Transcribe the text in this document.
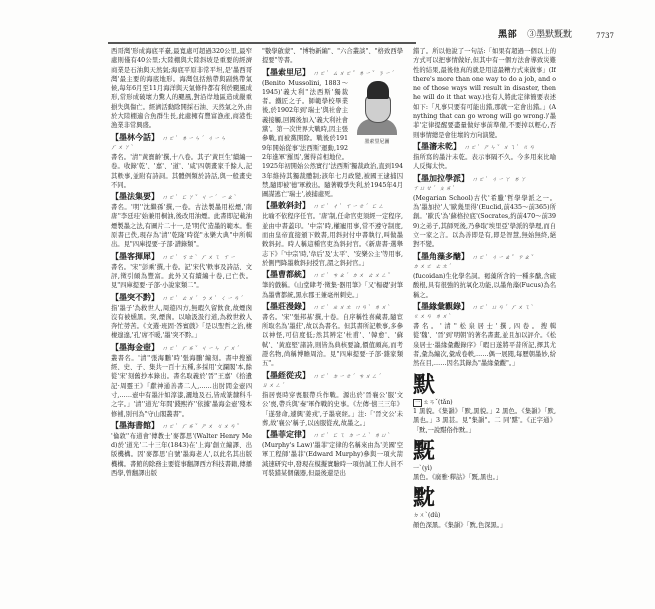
黑部 ③墨默黖黕	7737
西哥灣'形成海底平臺,最寬處可超過320公里,最窄處則僅有40公里;大陸棚與大陸斜坡是重要的經濟商業是石油與天然氣;海底平原非常平坦,是'墨西哥灣'最主要的海底地形。海灣包括熱帶與副熱帶氣候,每年6月至11月海洋與天氣條件都有利於颶風成形,常形成破壞力驚人的颶風,對沿岸地區造成嚴重損失與傷亡。經濟活動除開採石油、天然氣之外,由於大陸棚適合魚群生長,此處擁有豐富漁產,商港性漁業非常興盛。
【墨林今話】 ㄇㄛˋ ㄌㄧㄣˊ ㄐㄧㄣ
ㄏㄨㄚˋ
書名。'清''黃寶齡'撰,十八卷。其子'黃巨生'續編一卷。收錄'乾'、'嘉'、'道'、'咸'四朝畫家千餘人,記其軼事,並附有詩詞。其體例類於詩話,與一般畫史不同。
【墨法集要】 ㄇㄛˋ ㄈㄚˇ ㄐㄧˊ ㄧㄠˋ
書名。'明''沈繼孫'撰,一卷。古法製墨用松煙,'南唐''李廷珪'始兼用桐油,後改用油煙。此書即記載油煙製墨之法,有圖片二十一,是'明代'造墨的範本。惟原書已佚,現存為'清''乾隆'時從"永樂大典"中所輯出。見"四庫提要·子部·譜錄類"。
【墨客揮犀】 ㄇㄛˋ ㄎㄜˋ ㄏㄨㄟ ㄒㄧ
書名。'宋''彭乘'撰,十卷。記'宋代'軼事及詩話、文評,徵引頗為豐富。此外又有續編十卷,已亡佚。見"四庫提要·子部·小說家類二"。
【墨突不黔】 ㄇㄛˋ ㄊㄨˊ ㄅㄨˋ ㄑㄧㄢˊ
指'墨子'為救世人,周遊四方,無暇久留飲食,故煙囪沒有被燻黑。突,煙囪。以喻汲汲行道,為救世救人奔忙勞苦。《文選·班固·答賓戲》「是以聖哲之治,棲棲遑遑,'孔'席不暖,'墨'突不黔。」
【墨海金壺】 ㄇㄛˋ ㄏㄞˇ ㄐㄧㄣ ㄏㄨˊ
叢書名。'清''張海鵬'時'張海鵬'編刻。書中搜羅經、史、子、集共一百十五種,多採用'文瀾閣'本,餘從'宋'刻舊抄本錄出。書名取義於'晉''王嘉'《拾遺記·周靈王》「獻神通善書二人,……出肘間金壺四寸,……壺中有墨汁如淳漆,灑地及石,皆成篆隸科斗之字。」'清''道光'年間'錢熙祚''依據'墨海金壺'殘本修補,別刊為"守山閣叢書"。
【墨海書館】 ㄇㄛˋ ㄏㄞˇ ㄕㄨ ㄍㄨㄢˇ
'倫敦''布道會'傳教士'麥都思'(Walter Henry Med)於'道光'二十三年(1843)在'上海'創立編譯、出版機構。因'麥都思'自號'墨海老人',以此名其出版機構。書館的除務主要從事翻譯西方科技書籍,傳播西學,曾翻譯出版
"數學啟蒙"、"博物新編"、"六合叢談"、"格致西學提要"等書。
【墨索里尼】 ㄇㄛˋ ㄙㄨㄛˇ ㄌㄧˇ ㄋㄧˊ
墨索里尼圖
(Benito Mussolini, 1883～1945)'義大利''法西斯'獨裁者。鐵匠之子。師範學校畢業後,於1902年到'瑞士'與社會主義接觸,回國後加入'義大利社會黨'。第一次世界大戰時,因主張參戰,而被黨開除。戰後於1919年開始從事'法西斯'運動,1922年進軍'羅馬',獲得首相地位。1925年初開始公然實行'法西斯'獨裁政治,直到1943年維持其獨裁體制;該年七月政變,被國王逮捕囚禁,隨即被'德'軍救出。隨著戰爭失利,於1945年4月圖謀逃亡'瑞士',被捕處死。
【墨敕斜封】 ㄇㄛˋ ㄔˋ ㄒㄧㄝˊ ㄈㄥ
比喻不依程序任官。'唐'制,任命官吏須經一定程序,並由中書蓋印。'中宗'時,權寵用事,常不遵守制度,而由皇帝直接頒下敕書,用斜封付中書執行,叫做墨敕斜封。時人稱這種官吏為斜封官。《新唐書·選舉志下》「'中宗'時,'韋后'及'太平'、'安樂公主'等用事,於側門降墨敕斜封授官,謂之斜封官。」
【墨曹都統】 ㄇㄛˋ ㄘㄠˊ ㄉㄨ ㄊㄨㄥˇ
筆的戲稱。《山堂肆考·徵集·器用筆》「又'楊礎'封筆為墨曹都統,黑水郡王兼毫州刺史。」
【墨莊漫錄】 ㄇㄛˋ ㄓㄨㄤ ㄇㄢˋ ㄌㄨˋ
書名。'宋''張邦基'撰,十卷。自序稱性喜藏書,隨宦所取名為'墨莊',故以為書名。但其書所記軼事,多參以神怪,可信度低;然其辨定'杜甫'、'韓愈'、'蘇軾'、'黃庭堅'諸詩,則皆為典核要論,價值頗高,而考證名物,尚稱博贍周洽。見"四庫提要·子部·雜家類五"。
【墨絰從戎】 ㄇㄛˋ ㄉㄧㄝˊ ㄘㄨㄥˊ
ㄖㄨㄥˊ
指居喪時穿喪服帶兵作戰。源出於'晉襄公'服'文公'喪,帶兵與'秦'軍作戰的史事。《左傳·僖三三年》「遂發命,遽興'姜戎',子墨衰絰。」注:「'晉文公'未葬,故'襄公'稱子,以凶服從戎,故墨之。」
【墨菲定律】 ㄇㄛˋ ㄈㄟ ㄉㄧㄥˋ ㄌㄩˋ
(Murphy's Law)'墨菲'定律的名稱來由為'美國'空軍工程師'墨菲'(Edward Murphy)參與一項火箭減速研究中,發現在模擬實驗時一項仿誠工作人員不可裝錯某個儀器,但最後還是出
錯了。所以他說了一句話:「如果有超過一個以上的方式可以把事情做好,但其中有一個方法會導致災難性的結果,最後他真的就是用這最糟方式來做事」(If there's more than one way to do a job, and one of those ways will result in disaster, then he will do it that way.)也有人將此定律簡要表述如下:「凡事只要有可能出錯,那就一定會出錯。」(Anything that can go wrong will go wrong.)'墨菲'定律提醒要盡量做好事前準備,不要掉以輕心,否則事情總是會往壞的方向演變。
【墨瀋未乾】 ㄇㄛˋ ㄕㄣˇ ㄨㄟˋ ㄍㄢ
指所寫的墨汁未乾。表示事隔不久。今多用來比喻人反悔太快。
【墨加拉學派】 ㄇㄛˋ ㄐㄧㄚ ㄌㄚ
ㄒㄩㄝˊ ㄆㄞˋ
(Megarian School)古代'希臘'哲學學派之一。為'墨加拉'人'歐幾里得'(Euclid,前435～前365)所創。'歐氏'為'蘇格拉底'(Socrates,約前470～前399)之弟子,其師死後,乃參取'埃里亞'學派的學理,而自立一家之言。以為善即是有,即是智慧,無始無終,絕對不變。
【墨角藻多醣】 ㄇㄛˋ ㄐㄧㄠˇ ㄗㄠˇ
ㄉㄨㄛ ㄊㄤˊ
(fucoidan)生化學名詞。褐藻所含的一種多醣,含硫酸根,具有很強的抗氧化功能,以墨角藻(Fucus)為名稱之。
【墨緣彙觀錄】 ㄇㄛˋ ㄩㄢˊ ㄏㄨㄟˋ
ㄍㄨㄢ ㄌㄨˋ
書名。'清''松泉居士'撰,四卷。搜輯從'魏'、'晉'到'明朝'的著名書畫,並且加以評介。《松泉居士·墨緣彙觀錄序》「暇日遂將平昔所記,擇其尤者,彙為編次,彙成卷帙,……偶一展閱,每歷朝墨妙,紛然在目,……因名其錄為"墨緣彙觀"。」
默
一 ㄊㄢˇ(tǎn)
1 黑貌。《集韻》「默,黑貌。」2 黑色。《集韻》「默,黑也。」3 黑甚。見"集韻"。二 同'黮'。《正字通》「黕,一說黮俗作黕。」
黖
一ˋ(yì)
黑色。《廣雅·釋詁》「黖,黑也。」
黕
ㄉㄨˋ(dǔ)
顏色深黑。《集韻》「黕,色深黑。」
